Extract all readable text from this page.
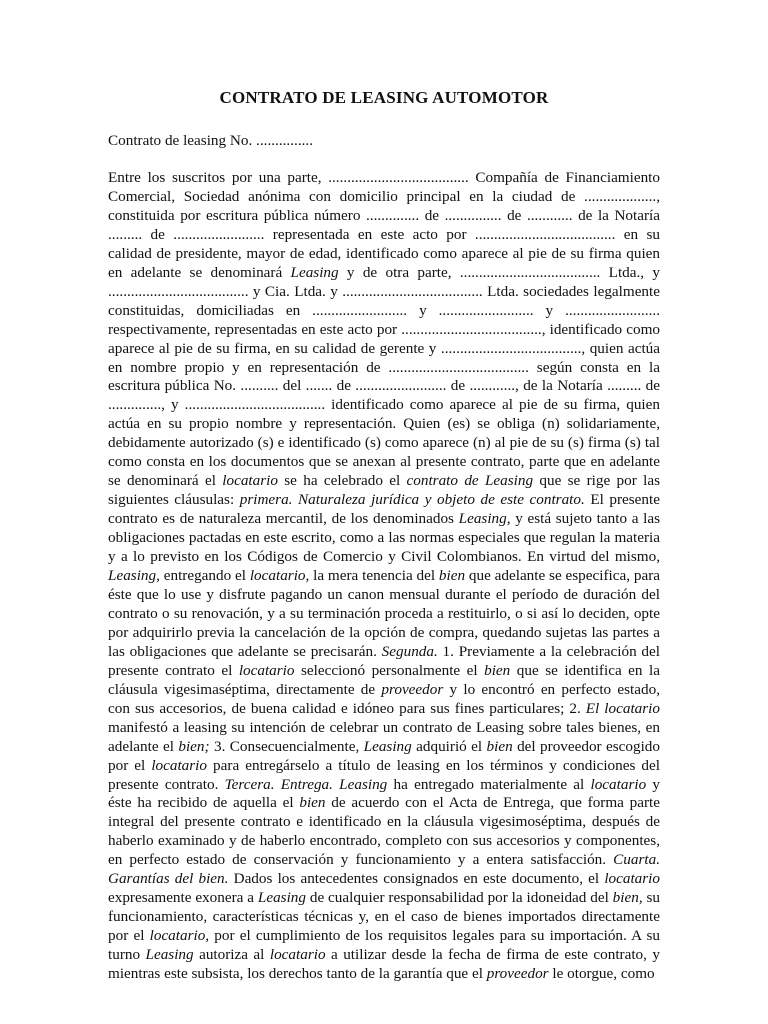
CONTRATO DE LEASING AUTOMOTOR
Contrato de leasing No. ...............

Entre los suscritos por una parte, ..................................... Compañía de Financiamiento Comercial, Sociedad anónima con domicilio principal en la ciudad de ..................., constituida por escritura pública número .............. de ............... de ............ de la Notaría ......... de ........................ representada en este acto por ..................................... en su calidad de presidente, mayor de edad, identificado como aparece al pie de su firma quien en adelante se denominará Leasing y de otra parte, ..................................... Ltda., y ..................................... y Cia. Ltda. y ..................................... Ltda. sociedades legalmente constituidas, domiciliadas en ......................... y ......................... y ......................... respectivamente, representadas en este acto por ....................................., identificado como aparece al pie de su firma, en su calidad de gerente y ....................................., quien actúa en nombre propio y en representación de ..................................... según consta en la escritura pública No. .......... del ....... de ........................ de ............, de la Notaría ......... de .............., y ..................................... identificado como aparece al pie de su firma, quien actúa en su propio nombre y representación. Quien (es) se obliga (n) solidariamente, debidamente autorizado (s) e identificado (s) como aparece (n) al pie de su (s) firma (s) tal como consta en los documentos que se anexan al presente contrato, parte que en adelante se denominará el locatario se ha celebrado el contrato de Leasing que se rige por las siguientes cláusulas: primera. Naturaleza jurídica y objeto de este contrato. El presente contrato es de naturaleza mercantil, de los denominados Leasing, y está sujeto tanto a las obligaciones pactadas en este escrito, como a las normas especiales que regulan la materia y a lo previsto en los Códigos de Comercio y Civil Colombianos. En virtud del mismo, Leasing, entregando el locatario, la mera tenencia del bien que adelante se especifica, para éste que lo use y disfrute pagando un canon mensual durante el período de duración del contrato o su renovación, y a su terminación proceda a restituirlo, o si así lo deciden, opte por adquirirlo previa la cancelación de la opción de compra, quedando sujetas las partes a las obligaciones que adelante se precisarán. Segunda. 1. Previamente a la celebración del presente contrato el locatario seleccionó personalmente el bien que se identifica en la cláusula vigesimaséptima, directamente de proveedor y lo encontró en perfecto estado, con sus accesorios, de buena calidad e idóneo para sus fines particulares; 2. El locatario manifestó a leasing su intención de celebrar un contrato de Leasing sobre tales bienes, en adelante el bien; 3. Consecuencialmente, Leasing adquirió el bien del proveedor escogido por el locatario para entregárselo a título de leasing en los términos y condiciones del presente contrato. Tercera. Entrega. Leasing ha entregado materialmente al locatario y éste ha recibido de aquella el bien de acuerdo con el Acta de Entrega, que forma parte integral del presente contrato e identificado en la cláusula vigesimoséptima, después de haberlo examinado y de haberlo encontrado, completo con sus accesorios y componentes, en perfecto estado de conservación y funcionamiento y a entera satisfacción. Cuarta. Garantías del bien. Dados los antecedentes consignados en este documento, el locatario expresamente exonera a Leasing de cualquier responsabilidad por la idoneidad del bien, su funcionamiento, características técnicas y, en el caso de bienes importados directamente por el locatario, por el cumplimiento de los requisitos legales para su importación. A su turno Leasing autoriza al locatario a utilizar desde la fecha de firma de este contrato, y mientras este subsista, los derechos tanto de la garantía que el proveedor le otorgue, como
